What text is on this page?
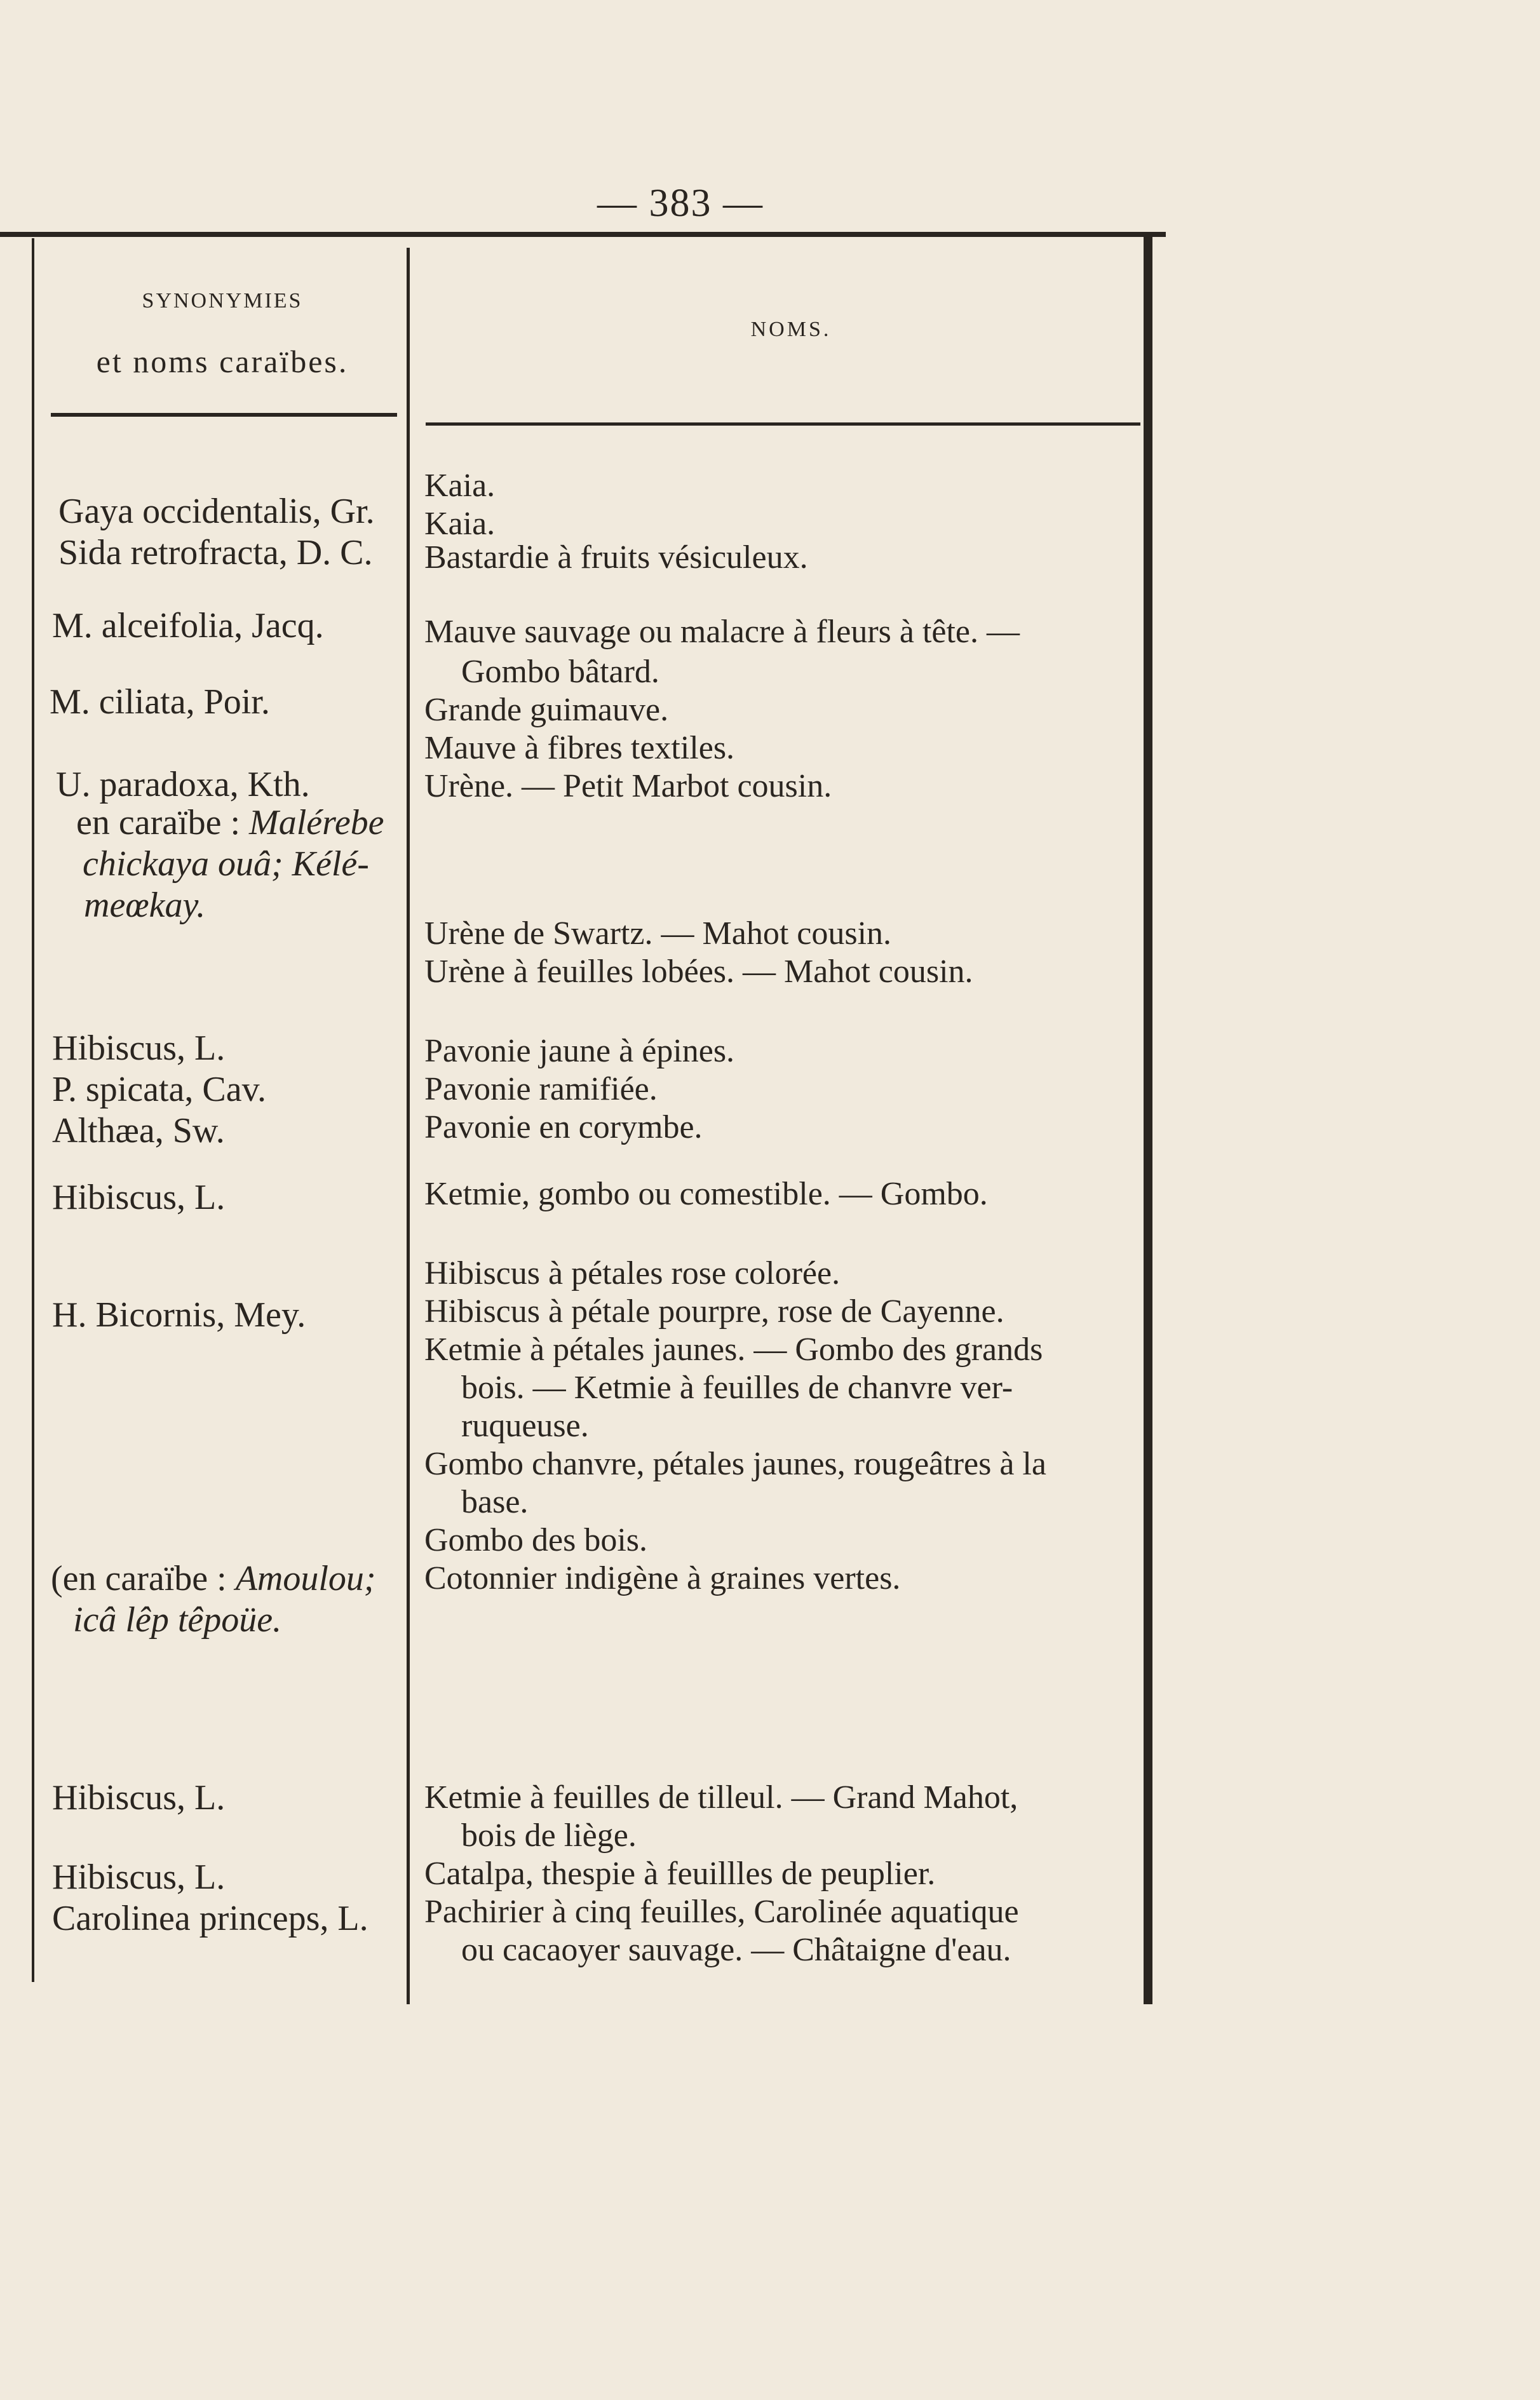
— 383 —
SYNONYMIES
et noms caraïbes.
NOMS.
Gaya occidentalis, Gr.
Sida retrofracta, D. C.
M. alceifolia, Jacq.
M. ciliata, Poir.
U. paradoxa, Kth.
en caraïbe : Malérebe
chickaya ouâ; Kélé-
meœkay.
Hibiscus, L.
P. spicata, Cav.
Althæa, Sw.
Hibiscus, L.
H. Bicornis, Mey.
(en caraïbe : Amoulou;
icâ lêp têpoüe.
Hibiscus, L.
Hibiscus, L.
Carolinea princeps, L.
Kaia.
Kaia.
Bastardie à fruits vésiculeux.
Mauve sauvage ou malacre à fleurs à tête. —
Gombo bâtard.
Grande guimauve.
Mauve à fibres textiles.
Urène. — Petit Marbot cousin.
Urène de Swartz. — Mahot cousin.
Urène à feuilles lobées. — Mahot cousin.
Pavonie jaune à épines.
Pavonie ramifiée.
Pavonie en corymbe.
Ketmie, gombo ou comestible. — Gombo.
Hibiscus à pétales rose colorée.
Hibiscus à pétale pourpre, rose de Cayenne.
Ketmie à pétales jaunes. — Gombo des grands
bois. — Ketmie à feuilles de chanvre ver-
ruqueuse.
Gombo chanvre, pétales jaunes, rougeâtres à la
base.
Gombo des bois.
Cotonnier indigène à graines vertes.
Ketmie à feuilles de tilleul. — Grand Mahot,
bois de liège.
Catalpa, thespie à feuillles de peuplier.
Pachirier à cinq feuilles, Carolinée aquatique
ou cacaoyer sauvage. — Châtaigne d'eau.
